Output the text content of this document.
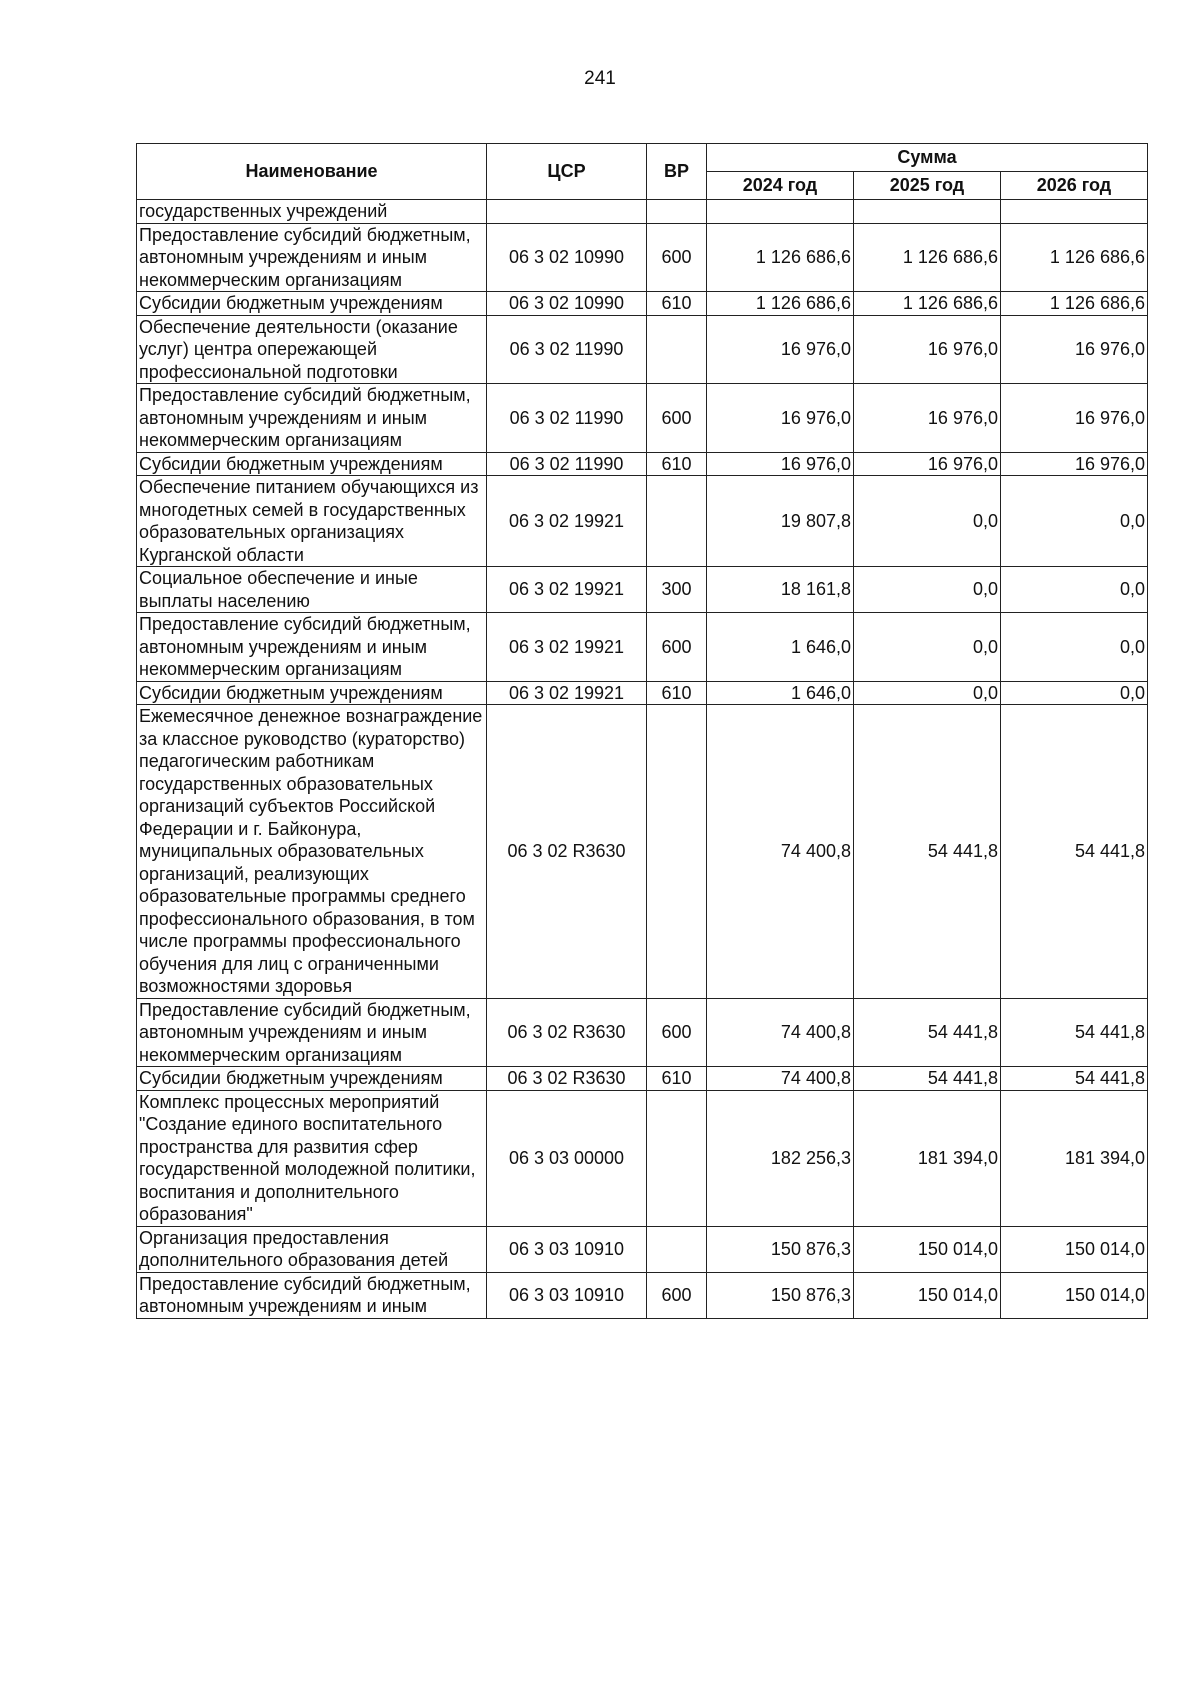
241
Наименование	ЦСР	ВР	Сумма		
			2024 год	2025 год	2026 год
государственных учреждений					
Предоставление субсидий бюджетным, автономным учреждениям и иным некоммерческим организациям	06 3 02 10990	600	1 126 686,6	1 126 686,6	1 126 686,6
Субсидии бюджетным учреждениям	06 3 02 10990	610	1 126 686,6	1 126 686,6	1 126 686,6
Обеспечение деятельности (оказание услуг) центра опережающей профессиональной подготовки	06 3 02 11990		16 976,0	16 976,0	16 976,0
Предоставление субсидий бюджетным, автономным учреждениям и иным некоммерческим организациям	06 3 02 11990	600	16 976,0	16 976,0	16 976,0
Субсидии бюджетным учреждениям	06 3 02 11990	610	16 976,0	16 976,0	16 976,0
Обеспечение питанием обучающихся из многодетных семей в государственных образовательных организациях Курганской области	06 3 02 19921		19 807,8	0,0	0,0
Социальное обеспечение и иные выплаты населению	06 3 02 19921	300	18 161,8	0,0	0,0
Предоставление субсидий бюджетным, автономным учреждениям и иным некоммерческим организациям	06 3 02 19921	600	1 646,0	0,0	0,0
Субсидии бюджетным учреждениям	06 3 02 19921	610	1 646,0	0,0	0,0
Ежемесячное денежное вознаграждение за классное руководство (кураторство) педагогическим работникам государственных образовательных организаций субъектов Российской Федерации и г. Байконура, муниципальных образовательных организаций, реализующих образовательные программы среднего профессионального образования, в том числе программы профессионального обучения для лиц с ограниченными возможностями здоровья	06 3 02 R3630		74 400,8	54 441,8	54 441,8
Предоставление субсидий бюджетным, автономным учреждениям и иным некоммерческим организациям	06 3 02 R3630	600	74 400,8	54 441,8	54 441,8
Субсидии бюджетным учреждениям	06 3 02 R3630	610	74 400,8	54 441,8	54 441,8
Комплекс процессных мероприятий "Создание единого воспитательного пространства для развития сфер государственной молодежной политики, воспитания и дополнительного образования"	06 3 03 00000		182 256,3	181 394,0	181 394,0
Организация предоставления дополнительного образования детей	06 3 03 10910		150 876,3	150 014,0	150 014,0
Предоставление субсидий бюджетным, автономным учреждениям и иным	06 3 03 10910	600	150 876,3	150 014,0	150 014,0
